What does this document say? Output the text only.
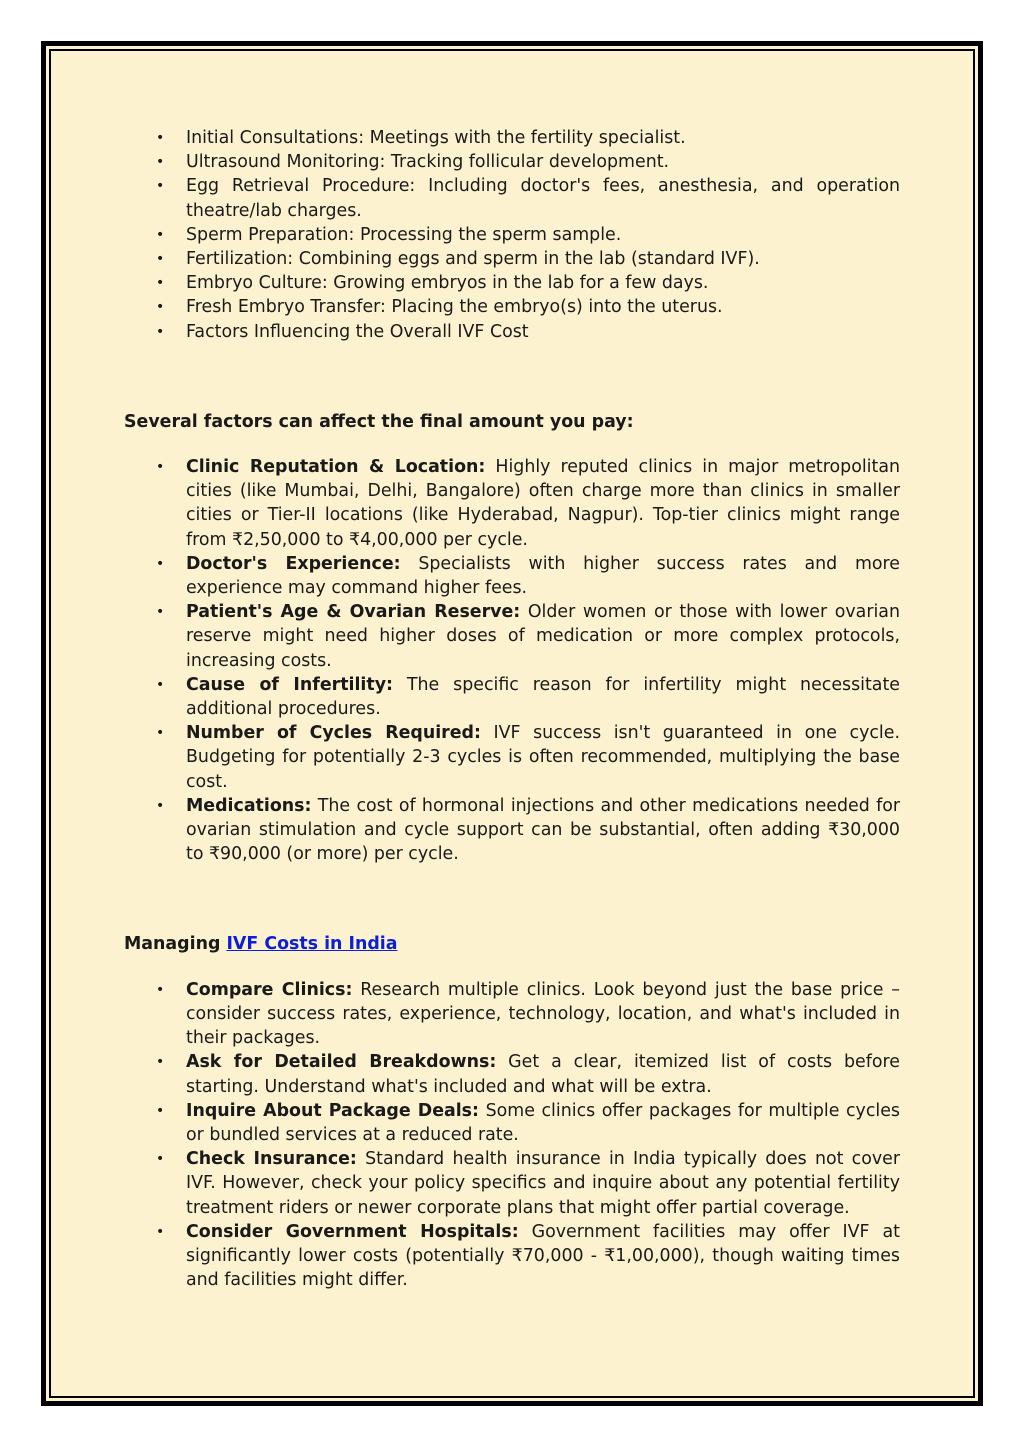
• Initial Consultations: Meetings with the fertility specialist.
• Ultrasound Monitoring: Tracking follicular development.
• Egg Retrieval Procedure: Including doctor's fees, anesthesia, and operation theatre/lab charges.
• Sperm Preparation: Processing the sperm sample.
• Fertilization: Combining eggs and sperm in the lab (standard IVF).
• Embryo Culture: Growing embryos in the lab for a few days.
• Fresh Embryo Transfer: Placing the embryo(s) into the uterus.
• Factors Influencing the Overall IVF Cost

Several factors can affect the final amount you pay:

• Clinic Reputation & Location: Highly reputed clinics in major metropolitan cities (like Mumbai, Delhi, Bangalore) often charge more than clinics in smaller cities or Tier-II locations (like Hyderabad, Nagpur). Top-tier clinics might range from ₹2,50,000 to ₹4,00,000 per cycle.
• Doctor's Experience: Specialists with higher success rates and more experience may command higher fees.
• Patient's Age & Ovarian Reserve: Older women or those with lower ovarian reserve might need higher doses of medication or more complex protocols, increasing costs.
• Cause of Infertility: The specific reason for infertility might necessitate additional procedures.
• Number of Cycles Required: IVF success isn't guaranteed in one cycle. Budgeting for potentially 2-3 cycles is often recommended, multiplying the base cost.
• Medications: The cost of hormonal injections and other medications needed for ovarian stimulation and cycle support can be substantial, often adding ₹30,000 to ₹90,000 (or more) per cycle.

Managing IVF Costs in India

• Compare Clinics: Research multiple clinics. Look beyond just the base price – consider success rates, experience, technology, location, and what's included in their packages.
• Ask for Detailed Breakdowns: Get a clear, itemized list of costs before starting. Understand what's included and what will be extra.
• Inquire About Package Deals: Some clinics offer packages for multiple cycles or bundled services at a reduced rate.
• Check Insurance: Standard health insurance in India typically does not cover IVF. However, check your policy specifics and inquire about any potential fertility treatment riders or newer corporate plans that might offer partial coverage.
• Consider Government Hospitals: Government facilities may offer IVF at significantly lower costs (potentially ₹70,000 - ₹1,00,000), though waiting times and facilities might differ.
